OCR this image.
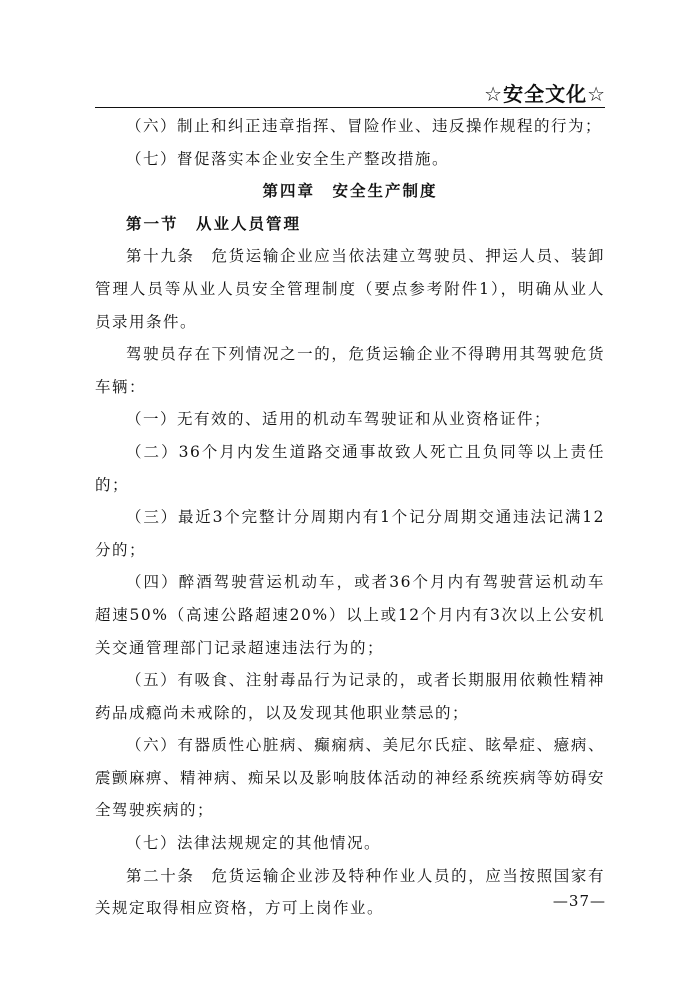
☆安全文化☆

（六）制止和纠正违章指挥、冒险作业、违反操作规程的行为；

（七）督促落实本企业安全生产整改措施。

第四章　安全生产制度

第一节　从业人员管理

第十九条　危货运输企业应当依法建立驾驶员、押运人员、装卸管理人员等从业人员安全管理制度（要点参考附件1），明确从业人员录用条件。

驾驶员存在下列情况之一的，危货运输企业不得聘用其驾驶危货车辆：

（一）无有效的、适用的机动车驾驶证和从业资格证件；

（二）36个月内发生道路交通事故致人死亡且负同等以上责任的；

（三）最近3个完整计分周期内有1个记分周期交通违法记满12分的；

（四）醉酒驾驶营运机动车，或者36个月内有驾驶营运机动车超速50%（高速公路超速20%）以上或12个月内有3次以上公安机关交通管理部门记录超速违法行为的；

（五）有吸食、注射毒品行为记录的，或者长期服用依赖性精神药品成瘾尚未戒除的，以及发现其他职业禁忌的；

（六）有器质性心脏病、癫痫病、美尼尔氏症、眩晕症、癔病、震颤麻痹、精神病、痴呆以及影响肢体活动的神经系统疾病等妨碍安全驾驶疾病的；

（七）法律法规规定的其他情况。

第二十条　危货运输企业涉及特种作业人员的，应当按照国家有关规定取得相应资格，方可上岗作业。	—37—
